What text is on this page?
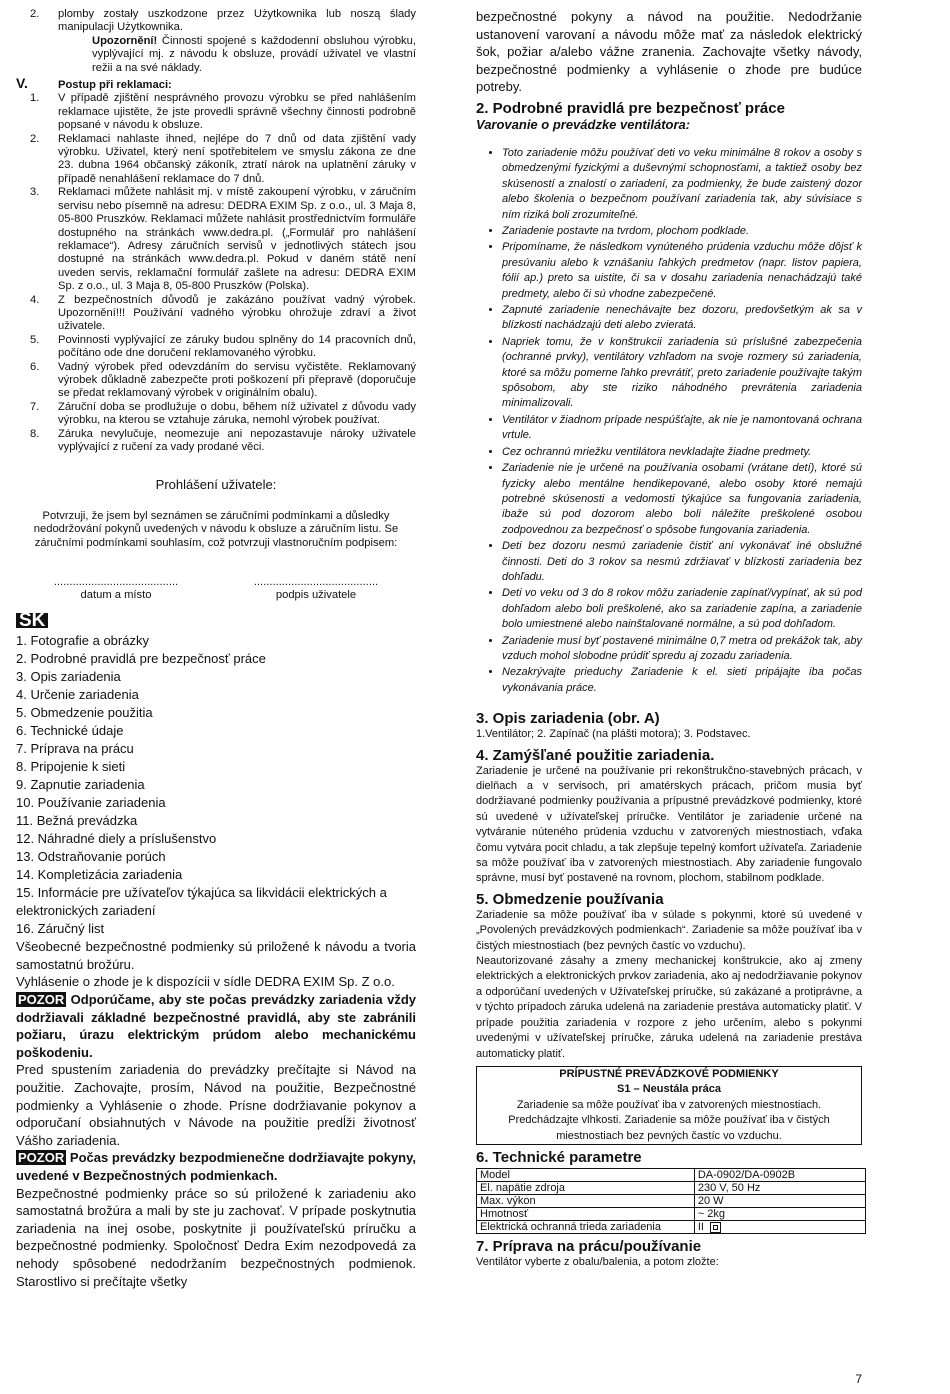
2.	plomby zostały uszkodzone przez Użytkownika lub noszą ślady manipulacji Użytkownika.
Upozornění! Činnosti spojené s každodenní obsluhou výrobku, vyplývající mj. z návodu k obsluze, provádí uživatel ve vlastní režii a na své náklady.
V.	Postup při reklamaci:
1.	V případě zjištění nesprávného provozu výrobku se před nahlášením reklamace ujistěte, že jste provedli správně všechny činnosti podrobně popsané v návodu k obsluze.
2.	Reklamaci nahlaste ihned, nejlépe do 7 dnů od data zjištění vady výrobku. Uživatel, který není spotřebitelem ve smyslu zákona ze dne 23. dubna 1964 občanský zákoník, ztratí nárok na uplatnění záruky v případě nenahlášení reklamace do 7 dnů.
3.	Reklamaci můžete nahlásit mj. v místě zakoupení výrobku, v záručním servisu nebo písemně na adresu: DEDRA EXIM Sp. z o.o., ul. 3 Maja 8, 05-800 Pruszków. Reklamaci můžete nahlásit prostřednictvím formuláře dostupného na stránkách www.dedra.pl. („Formulář pro nahlášení reklamace“). Adresy záručních servisů v jednotlivých státech jsou dostupné na stránkách www.dedra.pl. Pokud v daném státě není uveden servis, reklamační formulář zašlete na adresu: DEDRA EXIM Sp. z o.o., ul. 3 Maja 8, 05-800 Pruszków (Polska).
4.	Z bezpečnostních důvodů je zakázáno používat vadný výrobek. Upozornění!!! Používání vadného výrobku ohrožuje zdraví a život uživatele.
5.	Povinnosti vyplývající ze záruky budou splněny do 14 pracovních dnů, počítáno ode dne doručení reklamovaného výrobku.
6.	Vadný výrobek před odevzdáním do servisu vyčistěte. Reklamovaný výrobek důkladně zabezpečte proti poškození při přepravě (doporučuje se předat reklamovaný výrobek v originálním obalu).
7.	Záruční doba se prodlužuje o dobu, během níž uživatel z důvodu vady výrobku, na kterou se vztahuje záruka, nemohl výrobek používat.
8.	Záruka nevylučuje, neomezuje ani nepozastavuje nároky uživatele vyplývající z ručení za vady prodané věci.
Prohlášení uživatele:
Potvrzuji, že jsem byl seznámen se záručními podmínkami a důsledky nedodržování pokynů uvedených v návodu k obsluze a záručním listu. Se záručními podmínkami souhlasím, což potvrzuji vlastnoručním podpisem:
........................................
datum a místo
........................................
podpis uživatele
SK
1. Fotografie a obrázky
2. Podrobné pravidlá pre bezpečnosť práce
3. Opis zariadenia
4. Určenie zariadenia
5. Obmedzenie použitia
6. Technické údaje
7. Príprava na prácu
8. Pripojenie k sieti
9. Zapnutie zariadenia
10. Používanie zariadenia
11. Bežná prevádzka
12. Náhradné diely a príslušenstvo
13. Odstraňovanie porúch
14. Kompletizácia zariadenia
15. Informácie pre užívateľov týkajúca sa likvidácii elektrických a elektronických zariadení
16. Záručný list
Všeobecné bezpečnostné podmienky sú priložené k návodu a tvoria samostatnú brožúru.
Vyhlásenie o zhode je k dispozícii v sídle DEDRA EXIM Sp. Z o.o.
POZOR Odporúčame, aby ste počas prevádzky zariadenia vždy dodržiavali základné bezpečnostné pravidlá, aby ste zabránili požiaru, úrazu elektrickým prúdom alebo mechanickému poškodeniu.
Pred spustením zariadenia do prevádzky prečítajte si Návod na použitie. Zachovajte, prosím, Návod na použitie, Bezpečnostné podmienky a Vyhlásenie o zhode. Prísne dodržiavanie pokynov a odporučaní obsiahnutých v Návode na použitie predĺži životnosť Vášho zariadenia.
POZOR Počas prevádzky bezpodmienečne dodržiavajte pokyny, uvedené v Bezpečnostných podmienkach.
Bezpečnostné podmienky práce so sú priložené k zariadeniu ako samostatná brožúra a mali by ste ju zachovať. V prípade poskytnutia zariadenia na inej osobe, poskytnite ji používateľskú príručku a bezpečnostné podmienky. Spoločnosť Dedra Exim nezodpovedá za nehody spôsobené nedodržaním bezpečnostných podmienok. Starostlivo si prečítajte všetky
bezpečnostné pokyny a návod na použitie. Nedodržanie ustanovení varovaní a návodu môže mať za následok elektrický šok, požiar a/alebo vážne zranenia. Zachovajte všetky návody, bezpečnostné podmienky a vyhlásenie o zhode pre budúce potreby.
2. Podrobné pravidlá pre bezpečnosť práce
Varovanie o prevádzke ventilátora:
• Toto zariadenie môžu používať deti vo veku minimálne 8 rokov a osoby s obmedzenými fyzickými a duševnými schopnosťami, a taktiež osoby bez skúseností a znalostí o zariadení, za podmienky, že bude zaistený dozor alebo školenia o bezpečnom používaní zariadenia tak, aby súvisiace s ním riziká boli zrozumiteľné.
• Zariadenie postavte na tvrdom, plochom podklade.
• Pripomíname, že následkom vynúteného prúdenia vzduchu môže dôjsť k presúvaniu alebo k vznášaniu ľahkých predmetov (napr. listov papiera, fólií ap.) preto sa uistite, či sa v dosahu zariadenia nenachádzajú také predmety, alebo či sú vhodne zabezpečené.
• Zapnuté zariadenie nenechávajte bez dozoru, predovšetkým ak sa v blízkosti nachádzajú deti alebo zvieratá.
• Napriek tomu, že v konštrukcii zariadenia sú príslušné zabezpečenia (ochranné prvky), ventilátory vzhľadom na svoje rozmery sú zariadenia, ktoré sa môžu pomerne ľahko prevrátiť, preto zariadenie používajte takým spôsobom, aby ste riziko náhodného prevrátenia zariadenia minimalizovali.
• Ventilátor v žiadnom prípade nespúšťajte, ak nie je namontovaná ochrana vrtule.
• Cez ochrannú mriežku ventilátora nevkladajte žiadne predmety.
• Zariadenie nie je určené na používania osobami (vrátane detí), ktoré sú fyzicky alebo mentálne hendikepované, alebo osoby ktoré nemajú potrebné skúsenosti a vedomosti týkajúce sa fungovania zariadenia, ibaže sú pod dozorom alebo boli náležite preškolené osobou zodpovednou za bezpečnosť o spôsobe fungovania zariadenia.
• Deti bez dozoru nesmú zariadenie čistiť ani vykonávať iné obslužné činnosti. Deti do 3 rokov sa nesmú zdržiavať v blízkosti zariadenia bez dohľadu.
• Deti vo veku od 3 do 8 rokov môžu zariadenie zapínať/vypínať, ak sú pod dohľadom alebo boli preškolené, ako sa zariadenie zapína, a zariadenie bolo umiestnené alebo nainštalované normálne, a sú pod dohľadom.
• Zariadenie musí byť postavené minimálne 0,7 metra od prekážok tak, aby vzduch mohol slobodne prúdiť spredu aj zozadu zariadenia.
• Nezakrývajte prieduchy Zariadenie k el. sieti pripájajte iba počas vykonávania práce.
3. Opis zariadenia (obr. A)
1.Ventilátor; 2. Zapínač (na plášti motora); 3. Podstavec.
4. Zamýšľané použitie zariadenia.
Zariadenie je určené na používanie pri rekonštrukčno-stavebných prácach, v dielňach a v servisoch, pri amatérskych prácach, pričom musia byť dodržiavané podmienky používania a prípustné prevádzkové podmienky, ktoré sú uvedené v užívateľskej príručke. Ventilátor je zariadenie určené na vytváranie núteného prúdenia vzduchu v zatvorených miestnostiach, vďaka čomu vytvára pocit chladu, a tak zlepšuje tepelný komfort užívateľa. Zariadenie sa môže používať iba v zatvorených miestnostiach. Aby zariadenie fungovalo správne, musí byť postavené na rovnom, plochom, stabilnom podklade.
5. Obmedzenie používania
Zariadenie sa môže používať iba v súlade s pokynmi, ktoré sú uvedené v „Povolených prevádzkových podmienkach“. Zariadenie sa môže používať iba v čistých miestnostiach (bez pevných častíc vo vzduchu).
Neautorizované zásahy a zmeny mechanickej konštrukcie, ako aj zmeny elektrických a elektronických prvkov zariadenia, ako aj nedodržiavanie pokynov a odporúčaní uvedených v Užívateľskej príručke, sú zakázané a protiprávne, a v týchto prípadoch záruka udelená na zariadenie prestáva automaticky platiť. V prípade použitia zariadenia v rozpore z jeho určením, alebo s pokynmi uvedenými v užívateľskej príručke, záruka udelená na zariadenie prestáva automaticky platiť.
PRÍPUSTNÉ PREVÁDZKOVÉ PODMIENKY
S1 – Neustála práca
Zariadenie sa môže používať iba v zatvorených miestnostiach.
Predchádzajte vlhkosti. Zariadenie sa môže používať iba v čistých miestnostiach bez pevných častíc vo vzduchu.
6. Technické parametre
Model	DA-0902/DA-0902B
El. napätie zdroja	230 V, 50 Hz
Max. výkon	20 W
Hmotnosť	~ 2kg
Elektrická ochranná trieda zariadenia	II
7. Príprava na prácu/používanie
Ventilátor vyberte z obalu/balenia, a potom zložte:
7
